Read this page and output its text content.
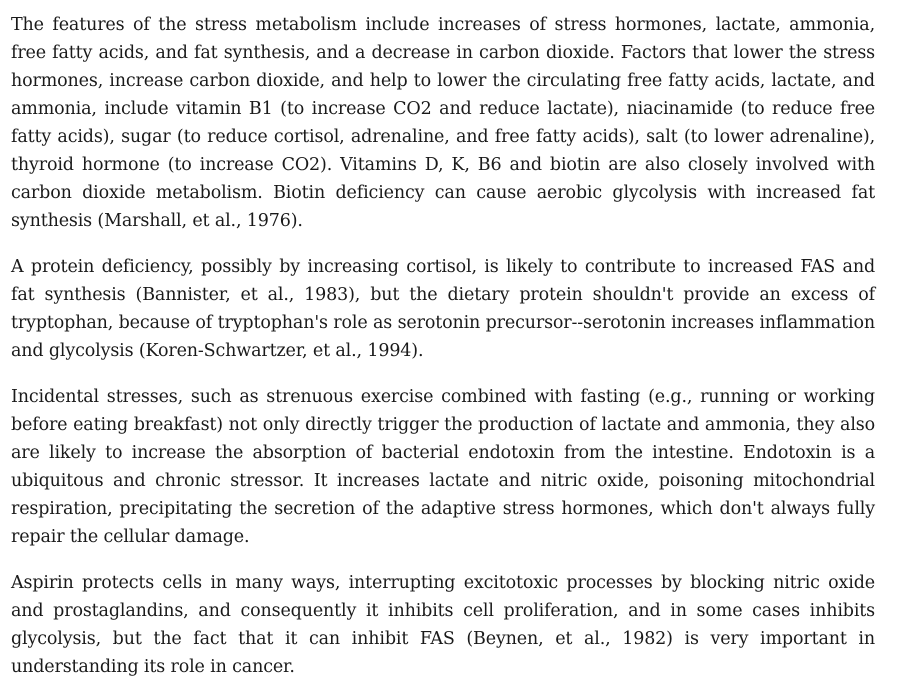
The features of the stress metabolism include increases of stress hormones, lactate, ammonia, free fatty acids, and fat synthesis, and a decrease in carbon dioxide. Factors that lower the stress hormones, increase carbon dioxide, and help to lower the circulating free fatty acids, lactate, and ammonia, include vitamin B1 (to increase CO2 and reduce lactate), niacinamide (to reduce free fatty acids), sugar (to reduce cortisol, adrenaline, and free fatty acids), salt (to lower adrenaline), thyroid hormone (to increase CO2). Vitamins D, K, B6 and biotin are also closely involved with carbon dioxide metabolism. Biotin deficiency can cause aerobic glycolysis with increased fat synthesis (Marshall, et al., 1976).

A protein deficiency, possibly by increasing cortisol, is likely to contribute to increased FAS and fat synthesis (Bannister, et al., 1983), but the dietary protein shouldn't provide an excess of tryptophan, because of tryptophan's role as serotonin precursor--serotonin increases inflammation and glycolysis (Koren-Schwartzer, et al., 1994).

Incidental stresses, such as strenuous exercise combined with fasting (e.g., running or working before eating breakfast) not only directly trigger the production of lactate and ammonia, they also are likely to increase the absorption of bacterial endotoxin from the intestine. Endotoxin is a ubiquitous and chronic stressor. It increases lactate and nitric oxide, poisoning mitochondrial respiration, precipitating the secretion of the adaptive stress hormones, which don't always fully repair the cellular damage.

Aspirin protects cells in many ways, interrupting excitotoxic processes by blocking nitric oxide and prostaglandins, and consequently it inhibits cell proliferation, and in some cases inhibits glycolysis, but the fact that it can inhibit FAS (Beynen, et al., 1982) is very important in understanding its role in cancer.
